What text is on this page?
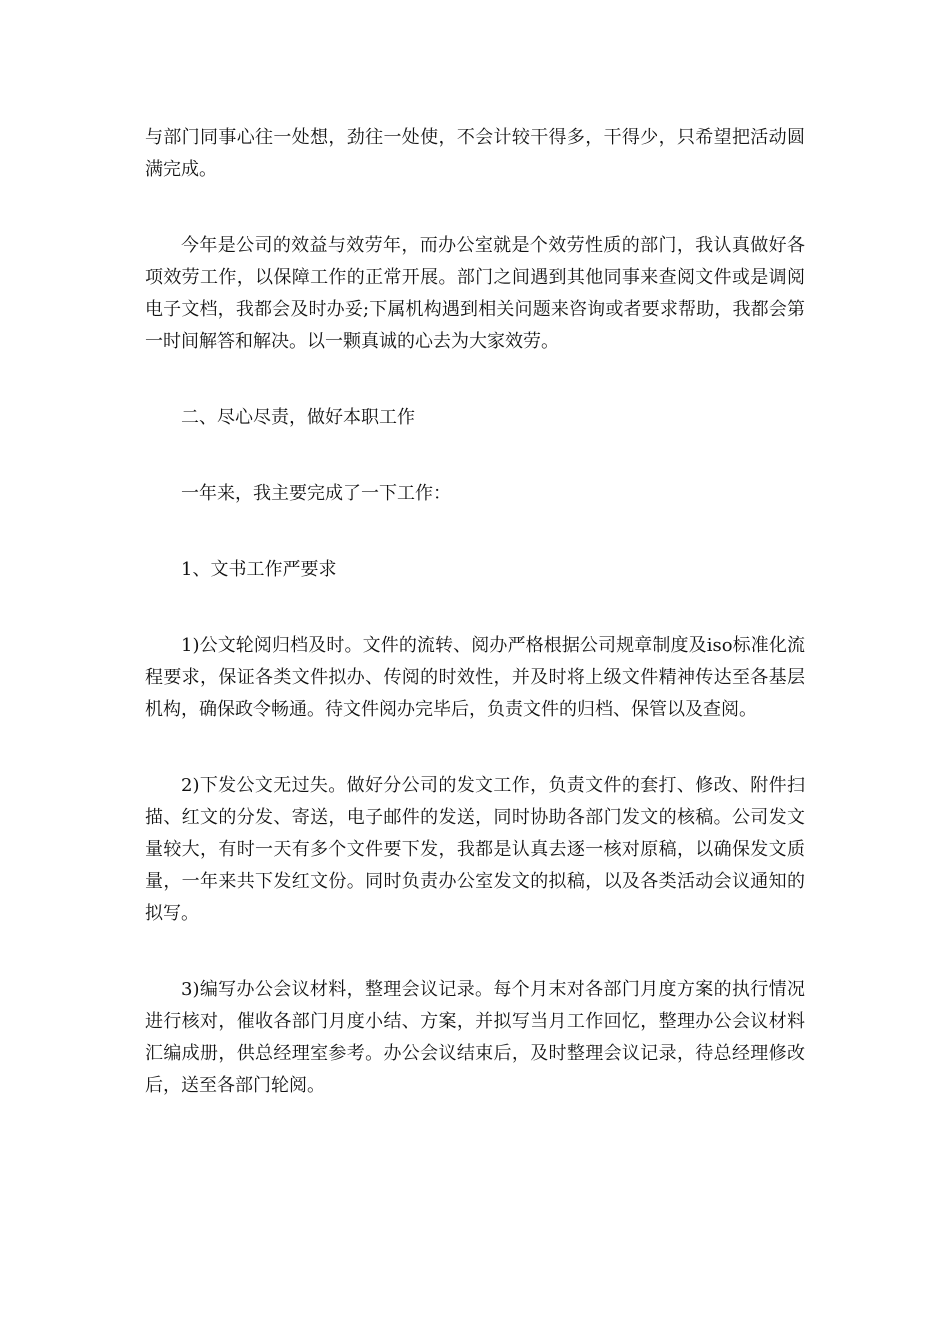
与部门同事心往一处想，劲往一处使，不会计较干得多，干得少，只希望把活动圆满完成。

今年是公司的效益与效劳年，而办公室就是个效劳性质的部门，我认真做好各项效劳工作，以保障工作的正常开展。部门之间遇到其他同事来查阅文件或是调阅电子文档，我都会及时办妥;下属机构遇到相关问题来咨询或者要求帮助，我都会第一时间解答和解决。以一颗真诚的心去为大家效劳。

二、尽心尽责，做好本职工作

一年来，我主要完成了一下工作：

1、文书工作严要求

1)公文轮阅归档及时。文件的流转、阅办严格根据公司规章制度及iso标准化流程要求，保证各类文件拟办、传阅的时效性，并及时将上级文件精神传达至各基层机构，确保政令畅通。待文件阅办完毕后，负责文件的归档、保管以及查阅。

2)下发公文无过失。做好分公司的发文工作，负责文件的套打、修改、附件扫描、红文的分发、寄送，电子邮件的发送，同时协助各部门发文的核稿。公司发文量较大，有时一天有多个文件要下发，我都是认真去逐一核对原稿，以确保发文质量，一年来共下发红文份。同时负责办公室发文的拟稿，以及各类活动会议通知的拟写。

3)编写办公会议材料，整理会议记录。每个月末对各部门月度方案的执行情况进行核对，催收各部门月度小结、方案，并拟写当月工作回忆，整理办公会议材料汇编成册，供总经理室参考。办公会议结束后，及时整理会议记录，待总经理修改后，送至各部门轮阅。
